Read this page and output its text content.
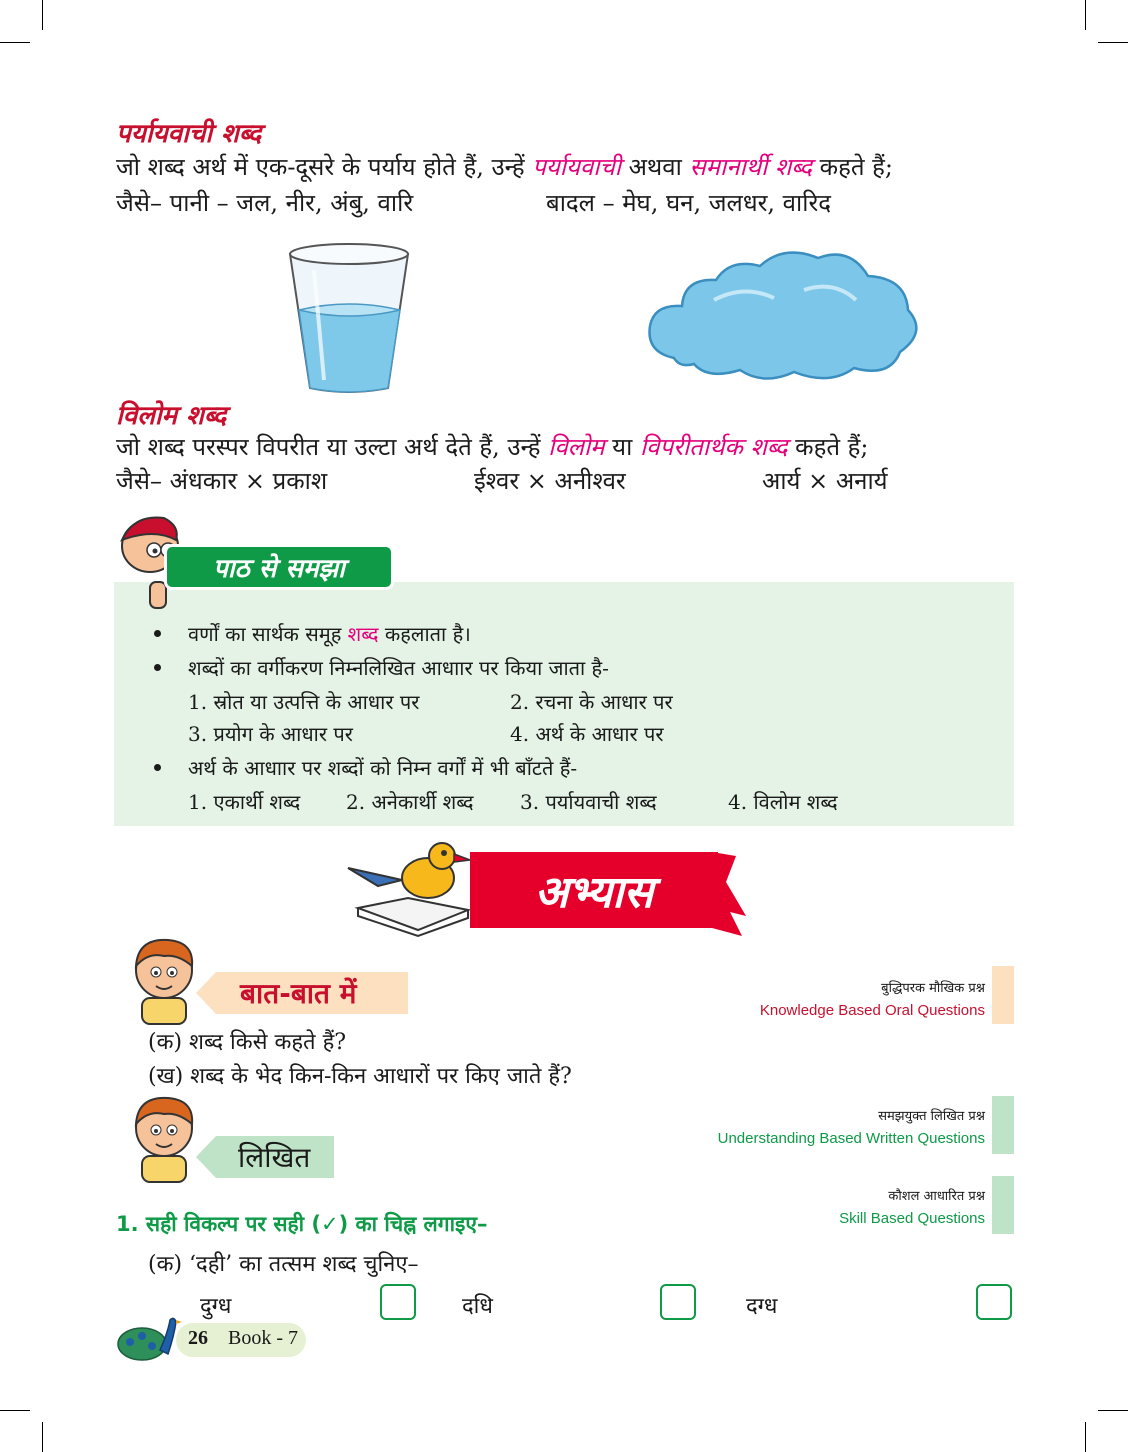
पर्यायवाची शब्द
जो शब्द अर्थ में एक-दूसरे के पर्याय होते हैं, उन्हें पर्यायवाची अथवा समानार्थी शब्द कहते हैं;
जैसे– पानी – जल, नीर, अंबु, वारि	बादल – मेघ, घन, जलधर, वारिद
विलोम शब्द
जो शब्द परस्पर विपरीत या उल्टा अर्थ देते हैं, उन्हें विलोम या विपरीतार्थक शब्द कहते हैं;
जैसे– अंधकार × प्रकाश	ईश्वर × अनीश्वर	आर्य × अनार्य
पाठ से समझा
वर्णों का सार्थक समूह शब्द कहलाता है।
शब्दों का वर्गीकरण निम्नलिखित आधाार पर किया जाता है-
1. स्रोत या उत्पत्ति के आधार पर	2. रचना के आधार पर
3. प्रयोग के आधार पर	4. अर्थ के आधार पर
अर्थ के आधाार पर शब्दों को निम्न वर्गों में भी बाँटते हैं-
1. एकार्थी शब्द 2. अनेकार्थी शब्द 3. पर्यायवाची शब्द	4. विलोम शब्द
अभ्यास
बात-बात में	बुद्धिपरक मौखिक प्रश्न
Knowledge Based Oral Questions
(क) शब्द किसे कहते हैं?
(ख) शब्द के भेद किन-किन आधारों पर किए जाते हैं?
लिखित
समझयुक्त लिखित प्रश्न
Understanding Based Written Questions
कौशल आधारित प्रश्न
Skill Based Questions
1. सही विकल्प पर सही (✓) का चिह्न लगाइए–
(क) ‘दही’ का तत्सम शब्द चुनिए–
दुग्ध	दधि	दग्ध
26 Book - 7
